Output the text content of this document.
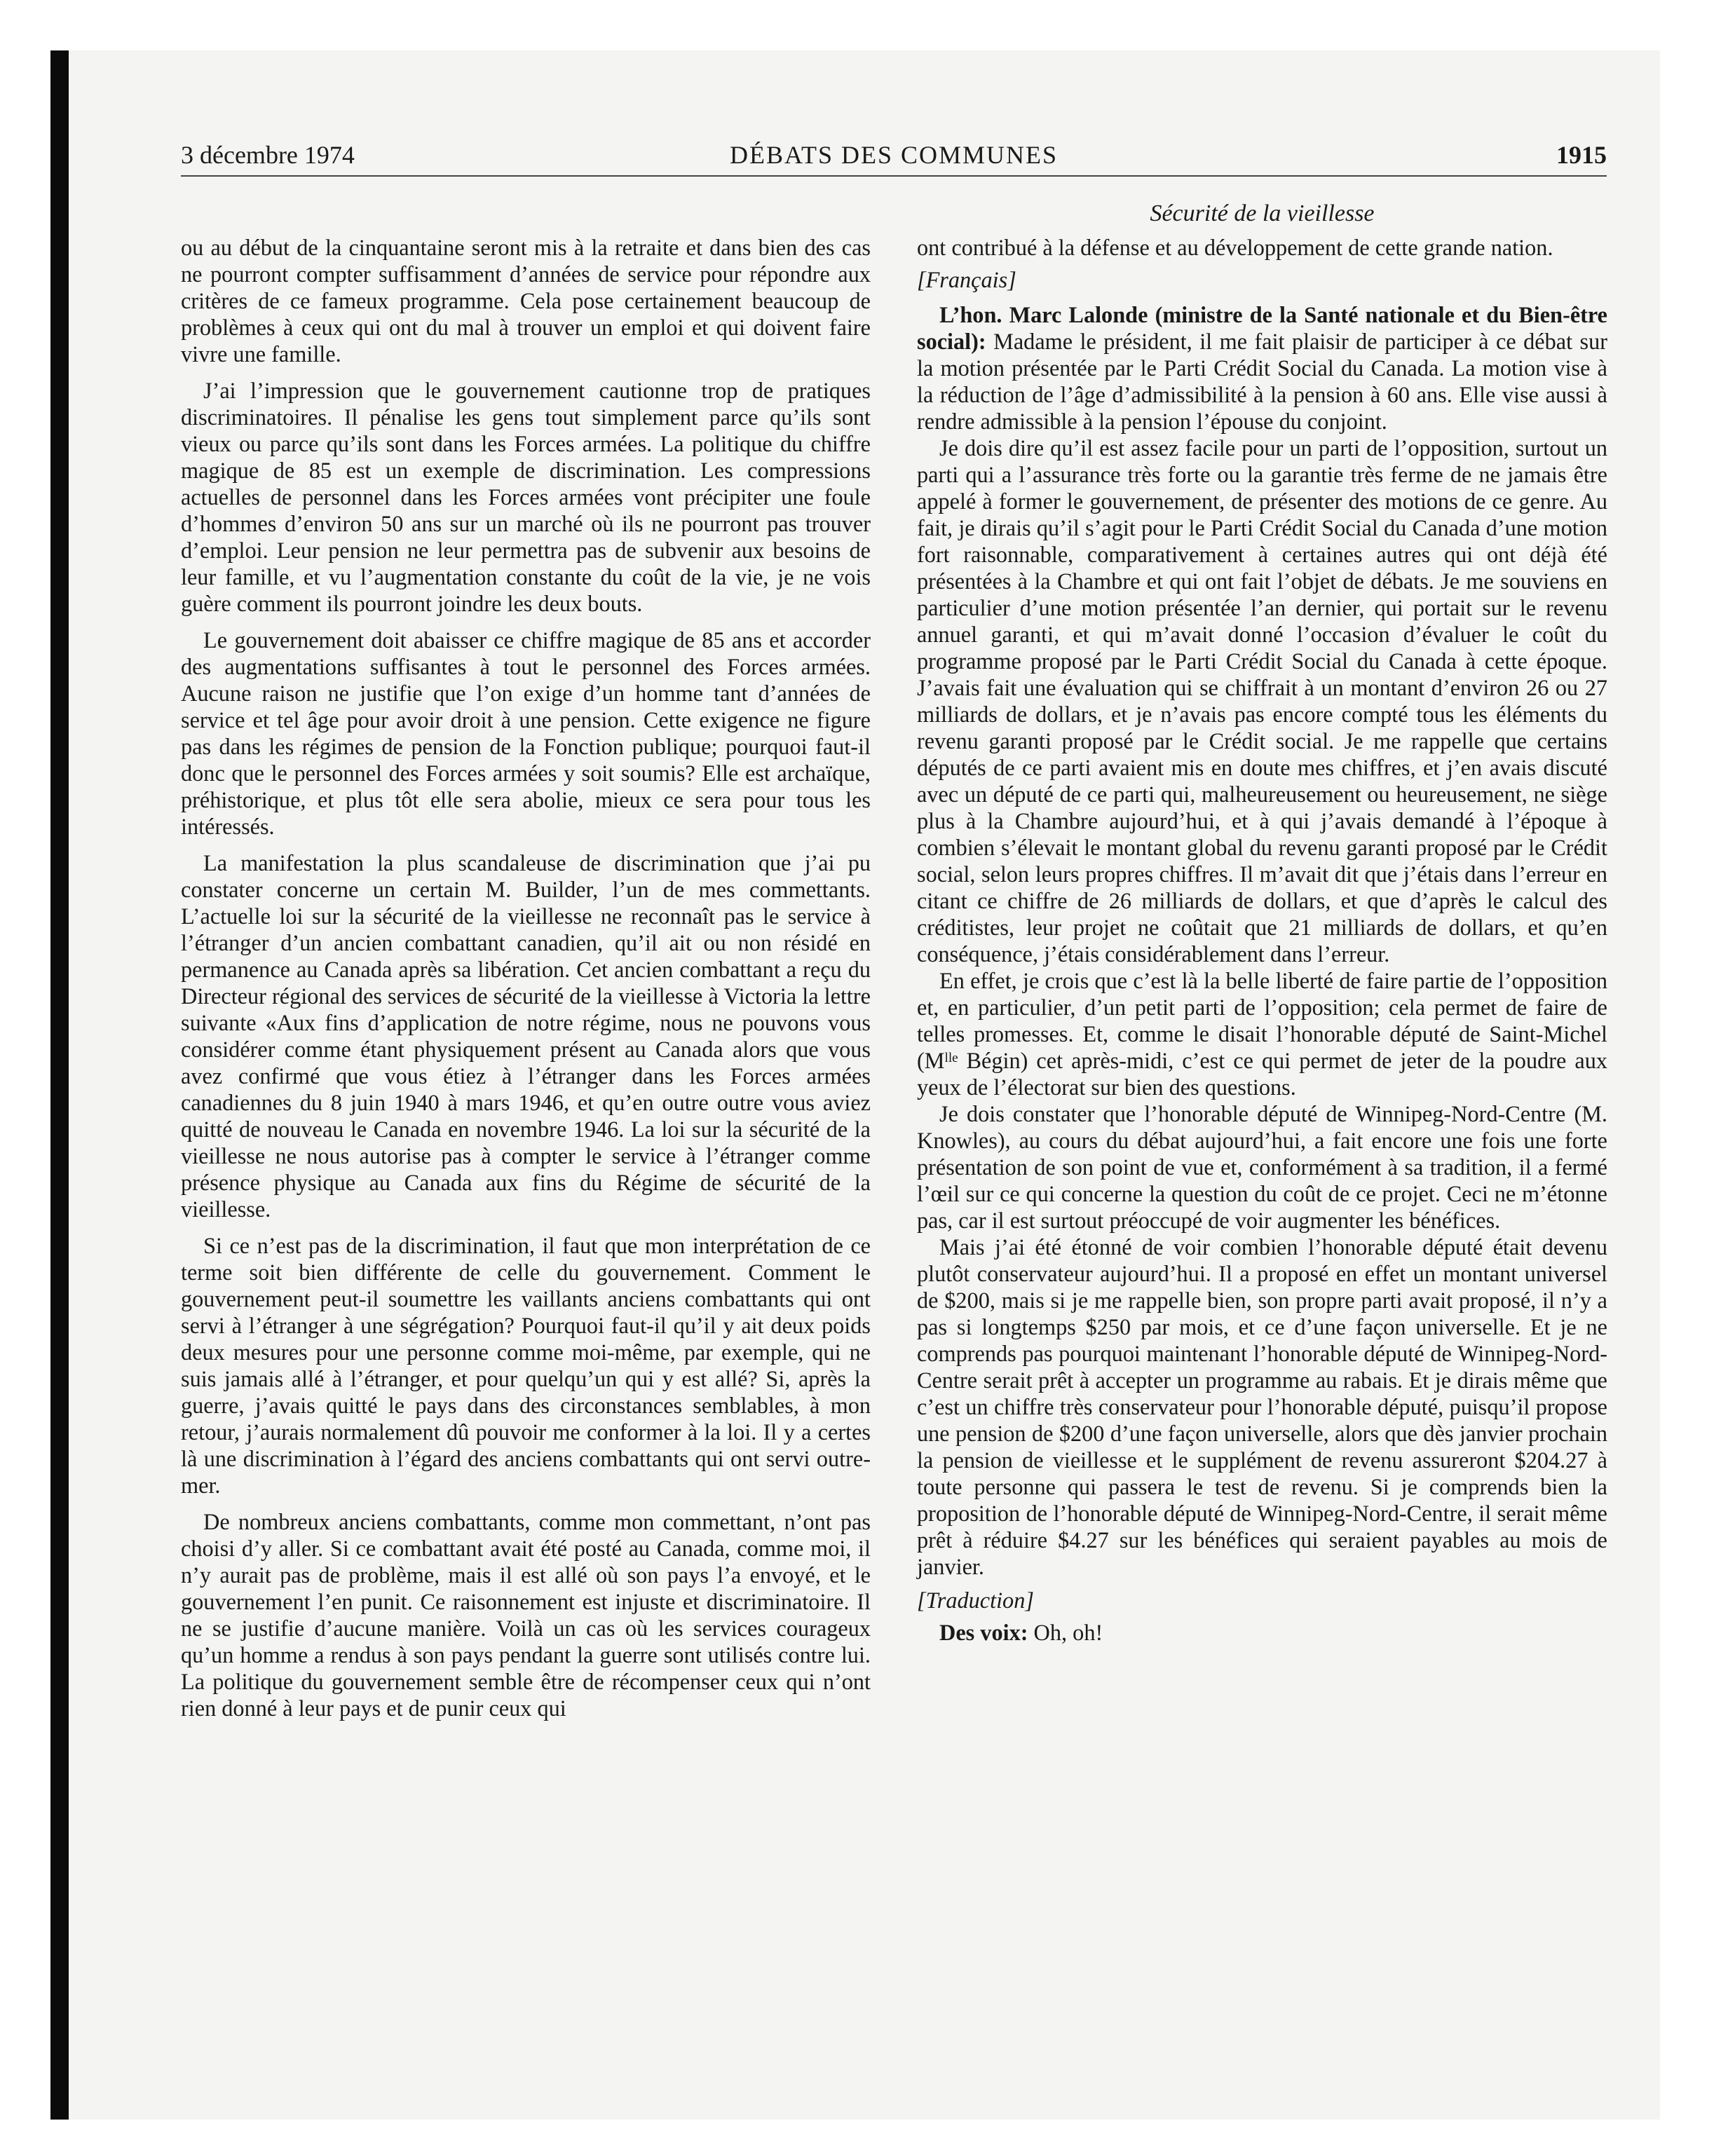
3 décembre 1974	DÉBATS DES COMMUNES	1915
Sécurité de la vieillesse

ou au début de la cinquantaine seront mis à la retraite et dans bien des cas ne pourront compter suffisamment d’années de service pour répondre aux critères de ce fameux programme. Cela pose certainement beaucoup de problèmes à ceux qui ont du mal à trouver un emploi et qui doivent faire vivre une famille.

J’ai l’impression que le gouvernement cautionne trop de pratiques discriminatoires. Il pénalise les gens tout simplement parce qu’ils sont vieux ou parce qu’ils sont dans les Forces armées. La politique du chiffre magique de 85 est un exemple de discrimination. Les compressions actuelles de personnel dans les Forces armées vont précipiter une foule d’hommes d’environ 50 ans sur un marché où ils ne pourront pas trouver d’emploi. Leur pension ne leur permettra pas de subvenir aux besoins de leur famille, et vu l’augmentation constante du coût de la vie, je ne vois guère comment ils pourront joindre les deux bouts.

Le gouvernement doit abaisser ce chiffre magique de 85 ans et accorder des augmentations suffisantes à tout le personnel des Forces armées. Aucune raison ne justifie que l’on exige d’un homme tant d’années de service et tel âge pour avoir droit à une pension. Cette exigence ne figure pas dans les régimes de pension de la Fonction publique; pourquoi faut-il donc que le personnel des Forces armées y soit soumis? Elle est archaïque, préhistorique, et plus tôt elle sera abolie, mieux ce sera pour tous les intéressés.

La manifestation la plus scandaleuse de discrimination que j’ai pu constater concerne un certain M. Builder, l’un de mes commettants. L’actuelle loi sur la sécurité de la vieillesse ne reconnaît pas le service à l’étranger d’un ancien combattant canadien, qu’il ait ou non résidé en permanence au Canada après sa libération. Cet ancien combattant a reçu du Directeur régional des services de sécurité de la vieillesse à Victoria la lettre suivante «Aux fins d’application de notre régime, nous ne pouvons vous considérer comme étant physiquement présent au Canada alors que vous avez confirmé que vous étiez à l’étranger dans les Forces armées canadiennes du 8 juin 1940 à mars 1946, et qu’en outre outre vous aviez quitté de nouveau le Canada en novembre 1946. La loi sur la sécurité de la vieillesse ne nous autorise pas à compter le service à l’étranger comme présence physique au Canada aux fins du Régime de sécurité de la vieillesse.

Si ce n’est pas de la discrimination, il faut que mon interprétation de ce terme soit bien différente de celle du gouvernement. Comment le gouvernement peut-il soumettre les vaillants anciens combattants qui ont servi à l’étranger à une ségrégation? Pourquoi faut-il qu’il y ait deux poids deux mesures pour une personne comme moi-même, par exemple, qui ne suis jamais allé à l’étranger, et pour quelqu’un qui y est allé? Si, après la guerre, j’avais quitté le pays dans des circonstances semblables, à mon retour, j’aurais normalement dû pouvoir me conformer à la loi. Il y a certes là une discrimination à l’égard des anciens combattants qui ont servi outre-mer.

De nombreux anciens combattants, comme mon commettant, n’ont pas choisi d’y aller. Si ce combattant avait été posté au Canada, comme moi, il n’y aurait pas de problème, mais il est allé où son pays l’a envoyé, et le gouvernement l’en punit. Ce raisonnement est injuste et discriminatoire. Il ne se justifie d’aucune manière. Voilà un cas où les services courageux qu’un homme a rendus à son pays pendant la guerre sont utilisés contre lui. La politique du gouvernement semble être de récompenser ceux qui n’ont rien donné à leur pays et de punir ceux qui

ont contribué à la défense et au développement de cette grande nation.

[Français]

L’hon. Marc Lalonde (ministre de la Santé nationale et du Bien-être social): Madame le président, il me fait plaisir de participer à ce débat sur la motion présentée par le Parti Crédit Social du Canada. La motion vise à la réduction de l’âge d’admissibilité à la pension à 60 ans. Elle vise aussi à rendre admissible à la pension l’épouse du conjoint.

Je dois dire qu’il est assez facile pour un parti de l’opposition, surtout un parti qui a l’assurance très forte ou la garantie très ferme de ne jamais être appelé à former le gouvernement, de présenter des motions de ce genre. Au fait, je dirais qu’il s’agit pour le Parti Crédit Social du Canada d’une motion fort raisonnable, comparativement à certaines autres qui ont déjà été présentées à la Chambre et qui ont fait l’objet de débats. Je me souviens en particulier d’une motion présentée l’an dernier, qui portait sur le revenu annuel garanti, et qui m’avait donné l’occasion d’évaluer le coût du programme proposé par le Parti Crédit Social du Canada à cette époque. J’avais fait une évaluation qui se chiffrait à un montant d’environ 26 ou 27 milliards de dollars, et je n’avais pas encore compté tous les éléments du revenu garanti proposé par le Crédit social. Je me rappelle que certains députés de ce parti avaient mis en doute mes chiffres, et j’en avais discuté avec un député de ce parti qui, malheureusement ou heureusement, ne siège plus à la Chambre aujourd’hui, et à qui j’avais demandé à l’époque à combien s’élevait le montant global du revenu garanti proposé par le Crédit social, selon leurs propres chiffres. Il m’avait dit que j’étais dans l’erreur en citant ce chiffre de 26 milliards de dollars, et que d’après le calcul des créditistes, leur projet ne coûtait que 21 milliards de dollars, et qu’en conséquence, j’étais considérablement dans l’erreur.

En effet, je crois que c’est là la belle liberté de faire partie de l’opposition et, en particulier, d’un petit parti de l’opposition; cela permet de faire de telles promesses. Et, comme le disait l’honorable député de Saint-Michel (Mˡˡᵉ Bégin) cet après-midi, c’est ce qui permet de jeter de la poudre aux yeux de l’électorat sur bien des questions.

Je dois constater que l’honorable député de Winnipeg-Nord-Centre (M. Knowles), au cours du débat aujourd’hui, a fait encore une fois une forte présentation de son point de vue et, conformément à sa tradition, il a fermé l’œil sur ce qui concerne la question du coût de ce projet. Ceci ne m’étonne pas, car il est surtout préoccupé de voir augmenter les bénéfices.

Mais j’ai été étonné de voir combien l’honorable député était devenu plutôt conservateur aujourd’hui. Il a proposé en effet un montant universel de $200, mais si je me rappelle bien, son propre parti avait proposé, il n’y a pas si longtemps $250 par mois, et ce d’une façon universelle. Et je ne comprends pas pourquoi maintenant l’honorable député de Winnipeg-Nord-Centre serait prêt à accepter un programme au rabais. Et je dirais même que c’est un chiffre très conservateur pour l’honorable député, puisqu’il propose une pension de $200 d’une façon universelle, alors que dès janvier prochain la pension de vieillesse et le supplément de revenu assureront $204.27 à toute personne qui passera le test de revenu. Si je comprends bien la proposition de l’honorable député de Winnipeg-Nord-Centre, il serait même prêt à réduire $4.27 sur les bénéfices qui seraient payables au mois de janvier.

[Traduction]

Des voix: Oh, oh!
